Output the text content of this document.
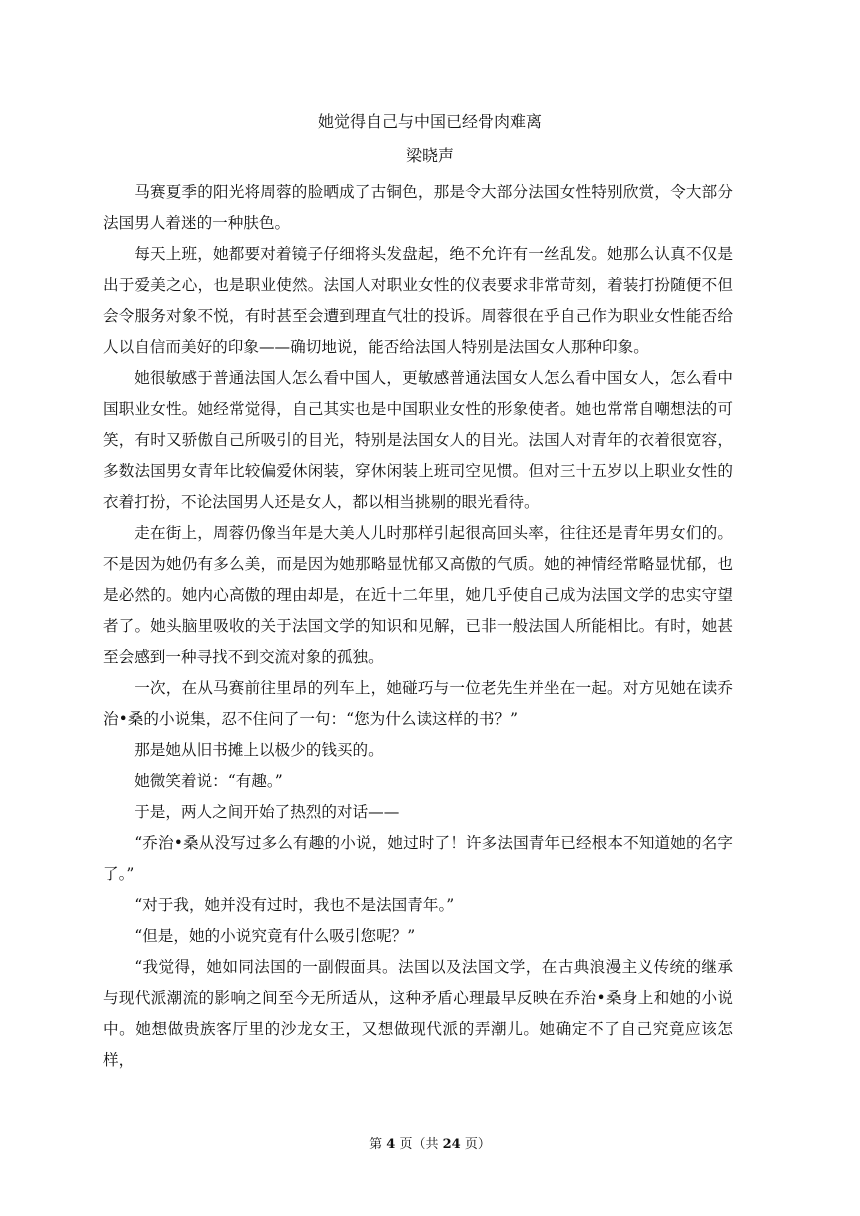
她觉得自己与中国已经骨肉难离
梁晓声

马赛夏季的阳光将周蓉的脸晒成了古铜色，那是令大部分法国女性特别欣赏，令大部分法国男人着迷的一种肤色。

每天上班，她都要对着镜子仔细将头发盘起，绝不允许有一丝乱发。她那么认真不仅是出于爱美之心，也是职业使然。法国人对职业女性的仪表要求非常苛刻，着装打扮随便不但会令服务对象不悦，有时甚至会遭到理直气壮的投诉。周蓉很在乎自己作为职业女性能否给人以自信而美好的印象——确切地说，能否给法国人特别是法国女人那种印象。

她很敏感于普通法国人怎么看中国人，更敏感普通法国女人怎么看中国女人，怎么看中国职业女性。她经常觉得，自己其实也是中国职业女性的形象使者。她也常常自嘲想法的可笑，有时又骄傲自己所吸引的目光，特别是法国女人的目光。法国人对青年的衣着很宽容，多数法国男女青年比较偏爱休闲装，穿休闲装上班司空见惯。但对三十五岁以上职业女性的衣着打扮，不论法国男人还是女人，都以相当挑剔的眼光看待。

走在街上，周蓉仍像当年是大美人儿时那样引起很高回头率，往往还是青年男女们的。不是因为她仍有多么美，而是因为她那略显忧郁又高傲的气质。她的神情经常略显忧郁，也是必然的。她内心高傲的理由却是，在近十二年里，她几乎使自己成为法国文学的忠实守望者了。她头脑里吸收的关于法国文学的知识和见解，已非一般法国人所能相比。有时，她甚至会感到一种寻找不到交流对象的孤独。

一次，在从马赛前往里昂的列车上，她碰巧与一位老先生并坐在一起。对方见她在读乔治•桑的小说集，忍不住问了一句：“您为什么读这样的书？”

那是她从旧书摊上以极少的钱买的。

她微笑着说：“有趣。”

于是，两人之间开始了热烈的对话——

“乔治•桑从没写过多么有趣的小说，她过时了！许多法国青年已经根本不知道她的名字了。”

“对于我，她并没有过时，我也不是法国青年。”

“但是，她的小说究竟有什么吸引您呢？”

“我觉得，她如同法国的一副假面具。法国以及法国文学，在古典浪漫主义传统的继承与现代派潮流的影响之间至今无所适从，这种矛盾心理最早反映在乔治•桑身上和她的小说中。她想做贵族客厅里的沙龙女王，又想做现代派的弄潮儿。她确定不了自己究竟应该怎样，

第 4 页（共 24 页）
